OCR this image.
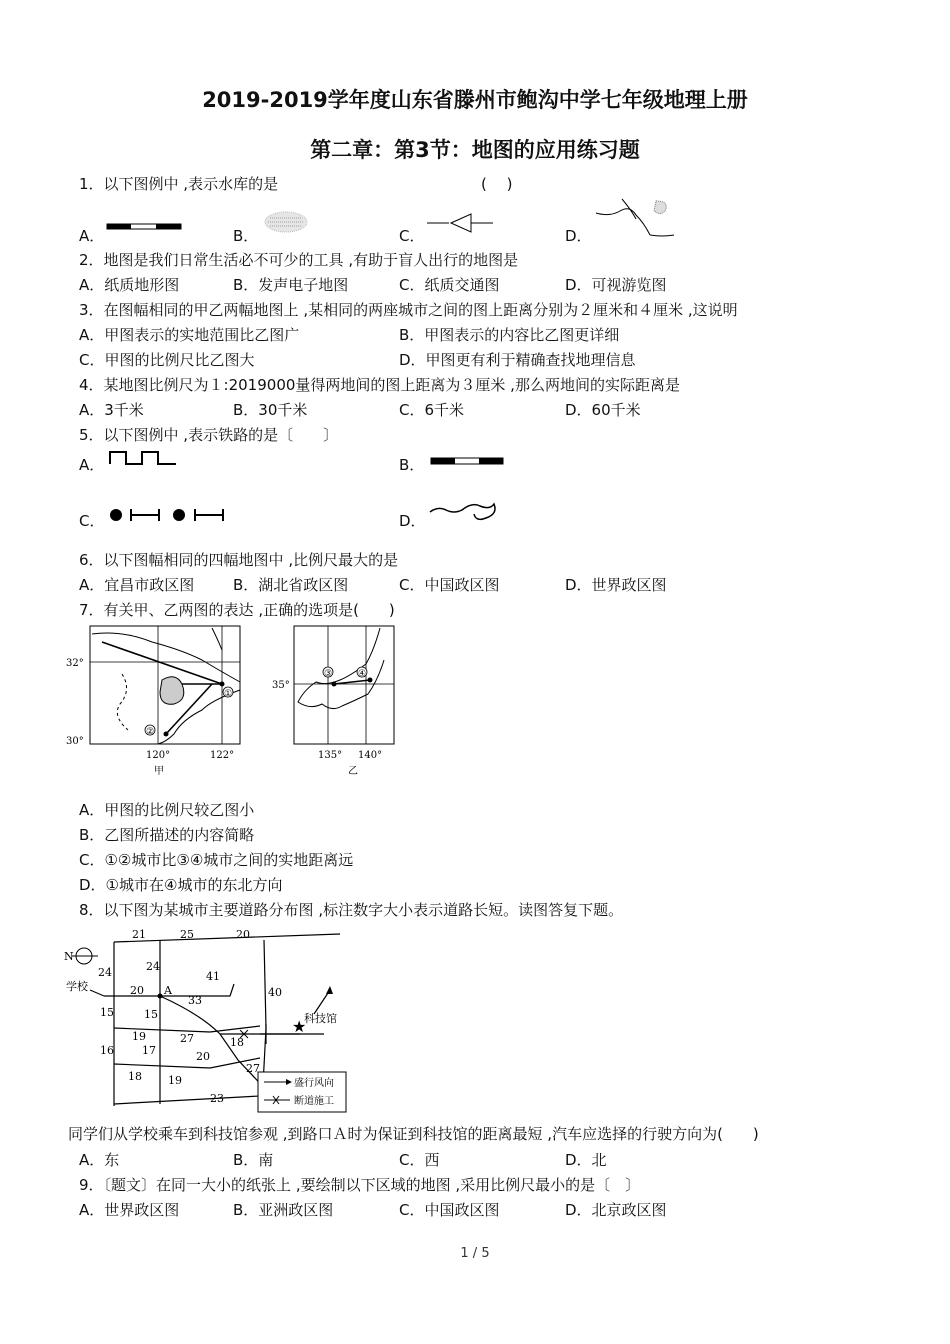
2019-2019学年度山东省滕州市鲍沟中学七年级地理上册
第二章：第3节：地图的应用练习题
1．以下图例中 ,表示水库的是	(　 )
A．	B．	C．	D．
2．地图是我们日常生活必不可少的工具 ,有助于盲人出行的地图是
A．纸质地形图	B．发声电子地图	C．纸质交通图	D．可视游览图
3．在图幅相同的甲乙两幅地图上 ,某相同的两座城市之间的图上距离分别为２厘米和４厘米 ,这说明
A．甲图表示的实地范围比乙图广	B．甲图表示的内容比乙图更详细
C．甲图的比例尺比乙图大	D．甲图更有利于精确查找地理信息
4．某地图比例尺为１:2019000量得两地间的图上距离为３厘米 ,那么两地间的实际距离是
A．3千米	B．30千米	C．6千米	D．60千米
5．以下图例中 ,表示铁路的是〔　　〕
A．	B．
C．	D．
6．以下图幅相同的四幅地图中 ,比例尺最大的是
A．宜昌市政区图	B．湖北省政区图	C．中国政区图	D．世界政区图
7．有关甲、乙两图的表达 ,正确的选项是(　　)
①
②
32°
30°
120°	122°
甲
③	④
35°
135° 140°
乙
A．甲图的比例尺较乙图小
B．乙图所描述的内容简略
C．①②城市比③④城市之间的实地距离远
D．①城市在④城市的东北方向
8．以下图为某城市主要道路分布图 ,标注数字大小表示道路长短。读图答复下题。
A
★
科技馆
学校
N
盛行风向
断道施工
21	25	20
24	24
41
20
33
40
15	15
19	27	18
16	17	20
27
18 19
23
同学们从学校乘车到科技馆参观 ,到路口Ａ时为保证到科技馆的距离最短 ,汽车应选择的行驶方向为(　　)
A．东	B．南	C．西	D．北
9．〔题文〕在同一大小的纸张上 ,要绘制以下区域的地图 ,采用比例尺最小的是〔　〕
A．世界政区图	B．亚洲政区图	C．中国政区图	D．北京政区图
1 / 5
